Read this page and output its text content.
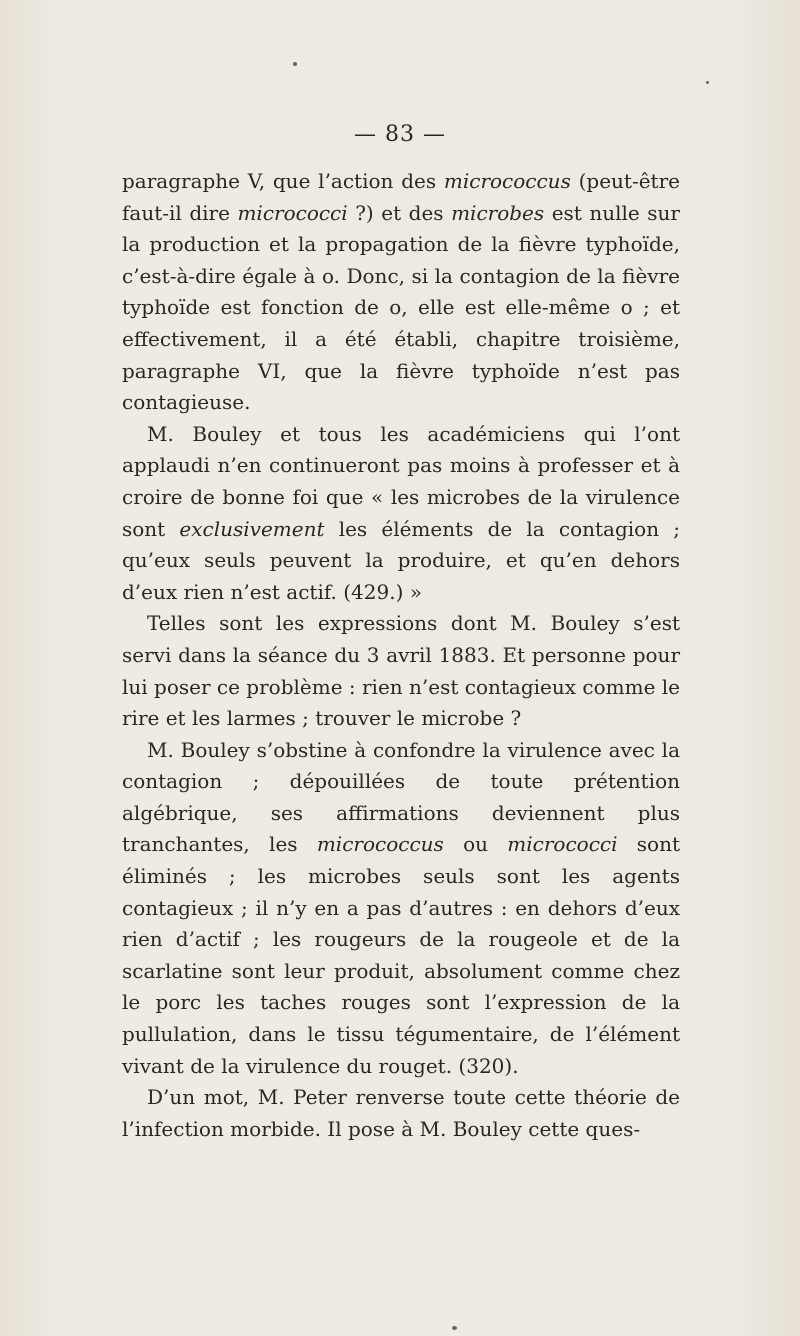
— 83 —

paragraphe V, que l’action des micrococcus (peut-être faut-il dire micrococci ?) et des microbes est nulle sur la production et la propagation de la fièvre typhoïde, c’est-à-dire égale à o. Donc, si la contagion de la fièvre typhoïde est fonction de o, elle est elle-même o ; et effectivement, il a été établi, chapitre troisième, paragraphe VI, que la fièvre typhoïde n’est pas contagieuse.

M. Bouley et tous les académiciens qui l’ont applaudi n’en continueront pas moins à professer et à croire de bonne foi que « les microbes de la virulence sont exclusivement les éléments de la contagion ; qu’eux seuls peuvent la produire, et qu’en dehors d’eux rien n’est actif. (429.) »

Telles sont les expressions dont M. Bouley s’est servi dans la séance du 3 avril 1883. Et personne pour lui poser ce problème : rien n’est contagieux comme le rire et les larmes ; trouver le microbe ?

M. Bouley s’obstine à confondre la virulence avec la contagion ; dépouillées de toute prétention algébrique, ses affirmations deviennent plus tranchantes, les micrococcus ou micrococci sont éliminés ; les microbes seuls sont les agents contagieux ; il n’y en a pas d’autres : en dehors d’eux rien d’actif ; les rougeurs de la rougeole et de la scarlatine sont leur produit, absolument comme chez le porc les taches rouges sont l’expression de la pullulation, dans le tissu tégumentaire, de l’élément vivant de la virulence du rouget. (320).

D’un mot, M. Peter renverse toute cette théorie de l’infection morbide. Il pose à M. Bouley cette ques-
